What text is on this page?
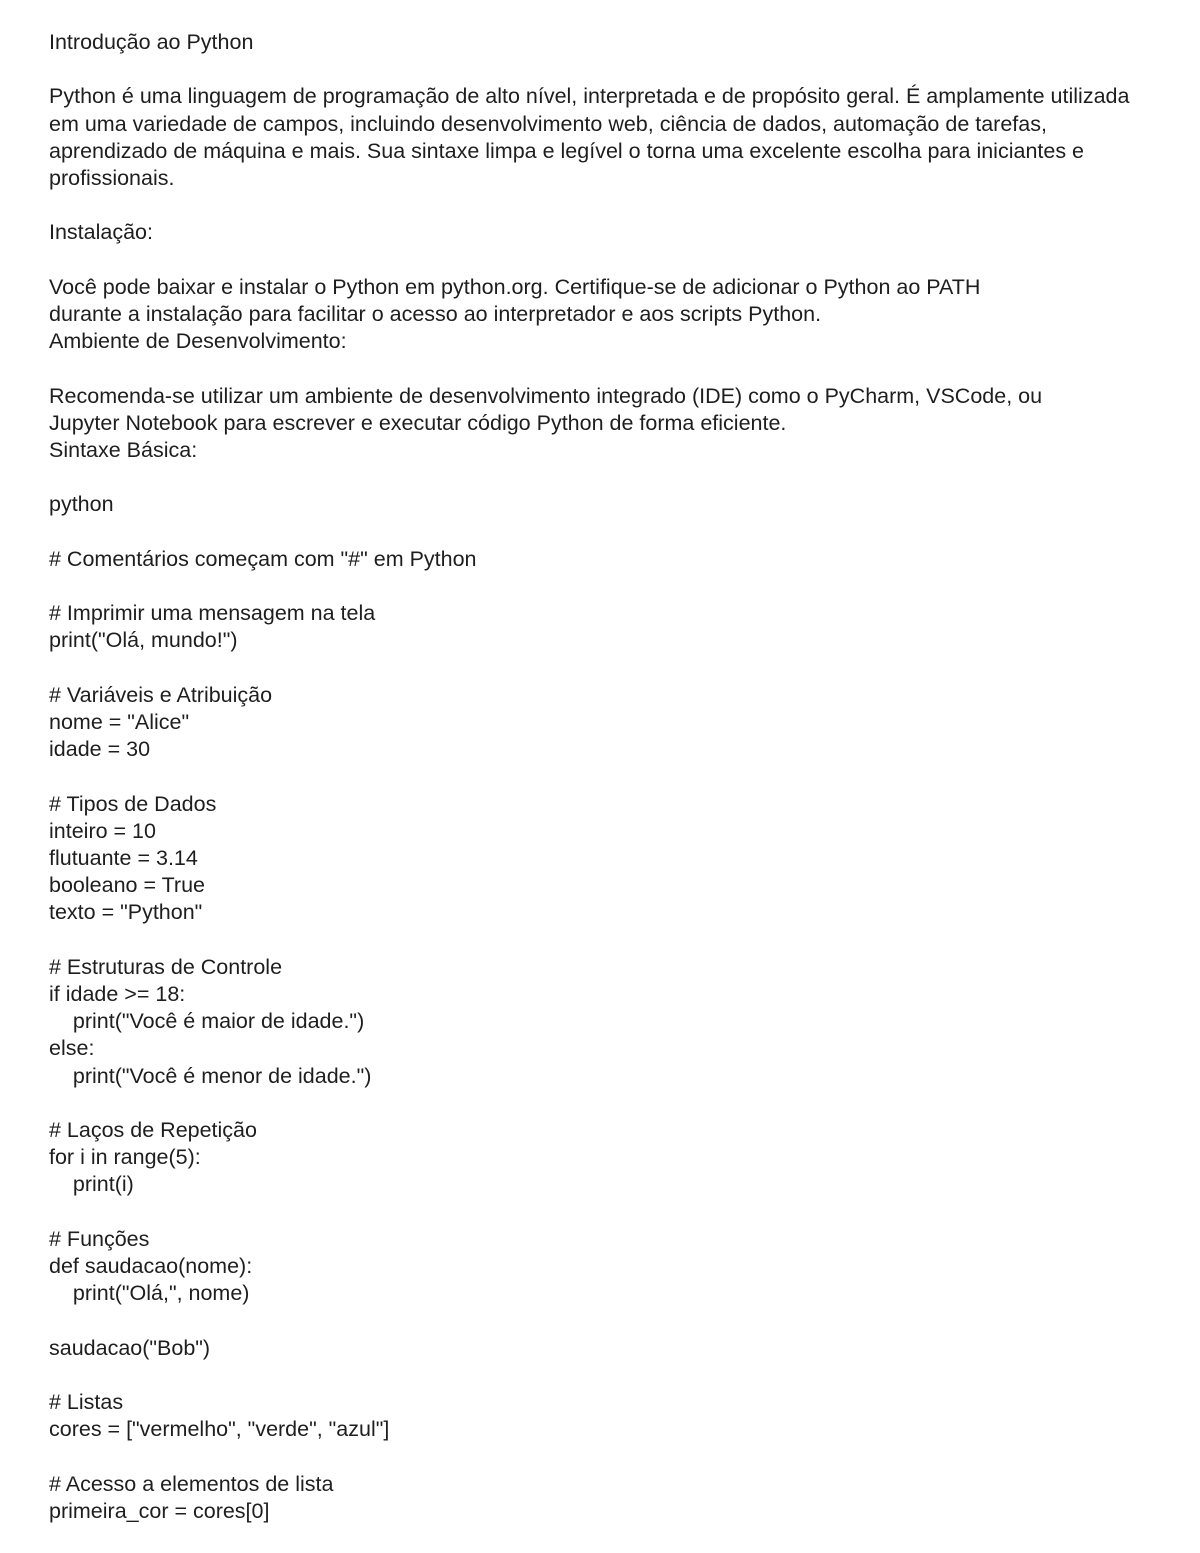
Introdução ao Python
Python é uma linguagem de programação de alto nível, interpretada e de propósito geral. É amplamente utilizada em uma variedade de campos, incluindo desenvolvimento web, ciência de dados, automação de tarefas, aprendizado de máquina e mais. Sua sintaxe limpa e legível o torna uma excelente escolha para iniciantes e profissionais.
Instalação:
Você pode baixar e instalar o Python em python.org. Certifique-se de adicionar o Python ao PATH
durante a instalação para facilitar o acesso ao interpretador e aos scripts Python.
Ambiente de Desenvolvimento:
Recomenda-se utilizar um ambiente de desenvolvimento integrado (IDE) como o PyCharm, VSCode, ou
Jupyter Notebook para escrever e executar código Python de forma eficiente.
Sintaxe Básica:
python
# Comentários começam com "#" em Python
# Imprimir uma mensagem na tela
print("Olá, mundo!")
# Variáveis e Atribuição
nome = "Alice"
idade = 30
# Tipos de Dados
inteiro = 10
flutuante = 3.14
booleano = True
texto = "Python"
# Estruturas de Controle
if idade >= 18:
print("Você é maior de idade.")
else:
print("Você é menor de idade.")
# Laços de Repetição
for i in range(5):
print(i)
# Funções
def saudacao(nome):
print("Olá,", nome)
saudacao("Bob")
# Listas
cores = ["vermelho", "verde", "azul"]
# Acesso a elementos de lista
primeira_cor = cores[0]
